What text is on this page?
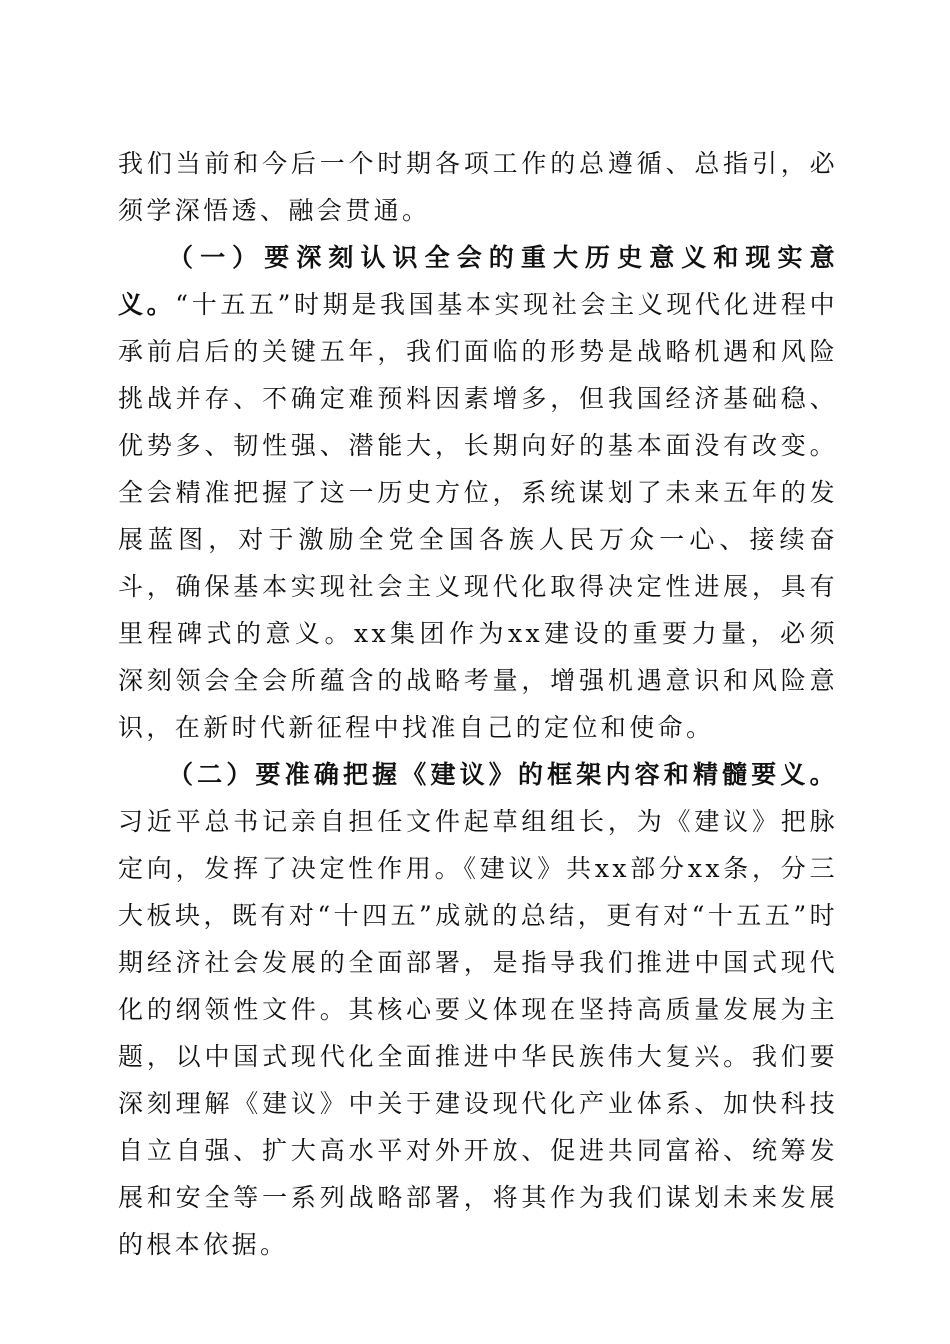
我们当前和今后一个时期各项工作的总遵循、总指引，必须学深悟透、融会贯通。

（一）要深刻认识全会的重大历史意义和现实意义。“十五五”时期是我国基本实现社会主义现代化进程中承前启后的关键五年，我们面临的形势是战略机遇和风险挑战并存、不确定难预料因素增多，但我国经济基础稳、优势多、韧性强、潜能大，长期向好的基本面没有改变。全会精准把握了这一历史方位，系统谋划了未来五年的发展蓝图，对于激励全党全国各族人民万众一心、接续奋斗，确保基本实现社会主义现代化取得决定性进展，具有里程碑式的意义。xx集团作为xx建设的重要力量，必须深刻领会全会所蕴含的战略考量，增强机遇意识和风险意识，在新时代新征程中找准自己的定位和使命。

（二）要准确把握《建议》的框架内容和精髓要义。习近平总书记亲自担任文件起草组组长，为《建议》把脉定向，发挥了决定性作用。《建议》共xx部分xx条，分三大板块，既有对“十四五”成就的总结，更有对“十五五”时期经济社会发展的全面部署，是指导我们推进中国式现代化的纲领性文件。其核心要义体现在坚持高质量发展为主题，以中国式现代化全面推进中华民族伟大复兴。我们要深刻理解《建议》中关于建设现代化产业体系、加快科技自立自强、扩大高水平对外开放、促进共同富裕、统筹发展和安全等一系列战略部署，将其作为我们谋划未来发展的根本依据。
